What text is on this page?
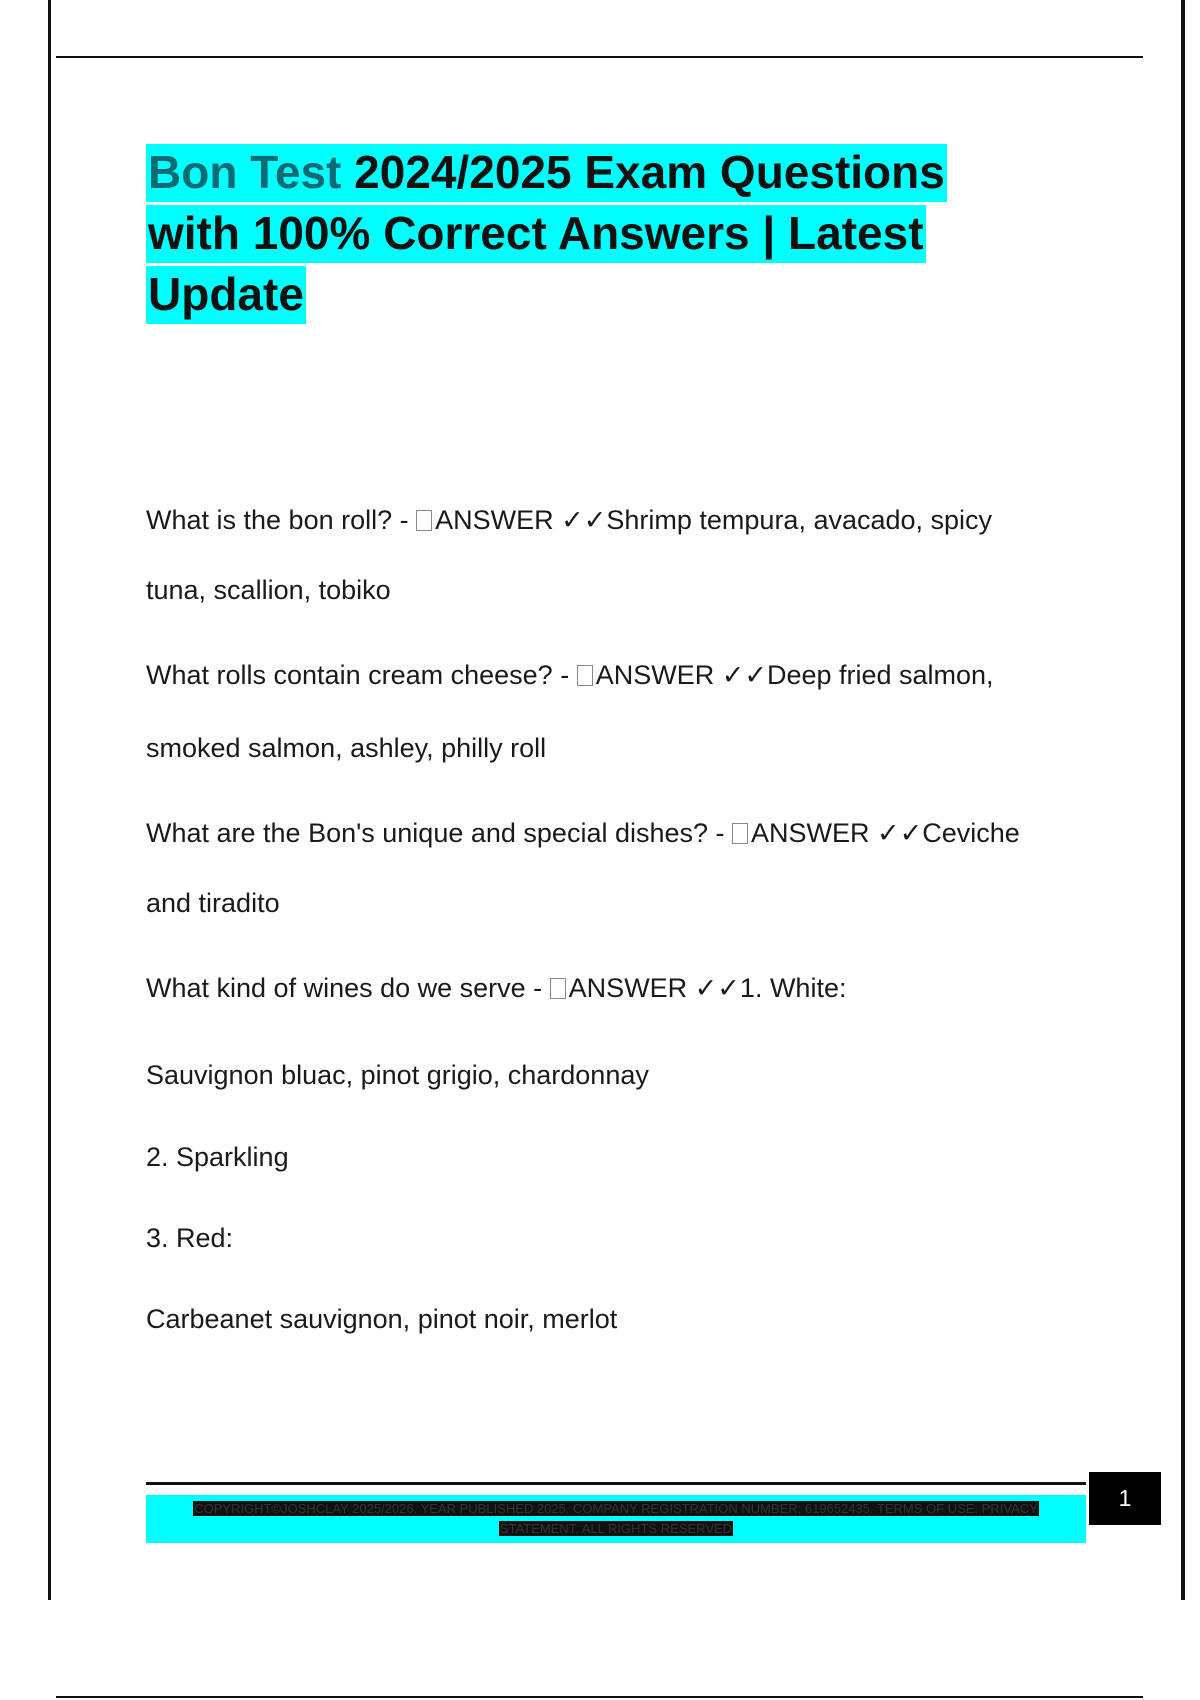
Bon Test 2024/2025 Exam Questions
with 100% Correct Answers | Latest
Update
What is the bon roll? - ANSWER ✓✓Shrimp tempura, avacado, spicy
tuna, scallion, tobiko
What rolls contain cream cheese? - ANSWER ✓✓Deep fried salmon,
smoked salmon, ashley, philly roll
What are the Bon's unique and special dishes? - ANSWER ✓✓Ceviche
and tiradito
What kind of wines do we serve - ANSWER ✓✓1. White:
Sauvignon bluac, pinot grigio, chardonnay
2. Sparkling
3. Red:
Carbeanet sauvignon, pinot noir, merlot
COPYRIGHT©JOSHCLAY 2025/2026. YEAR PUBLISHED 2025. COMPANY REGISTRATION NUMBER: 619652435. TERMS OF USE. PRIVACY
STATEMENT. ALL RIGHTS RESERVED
1
